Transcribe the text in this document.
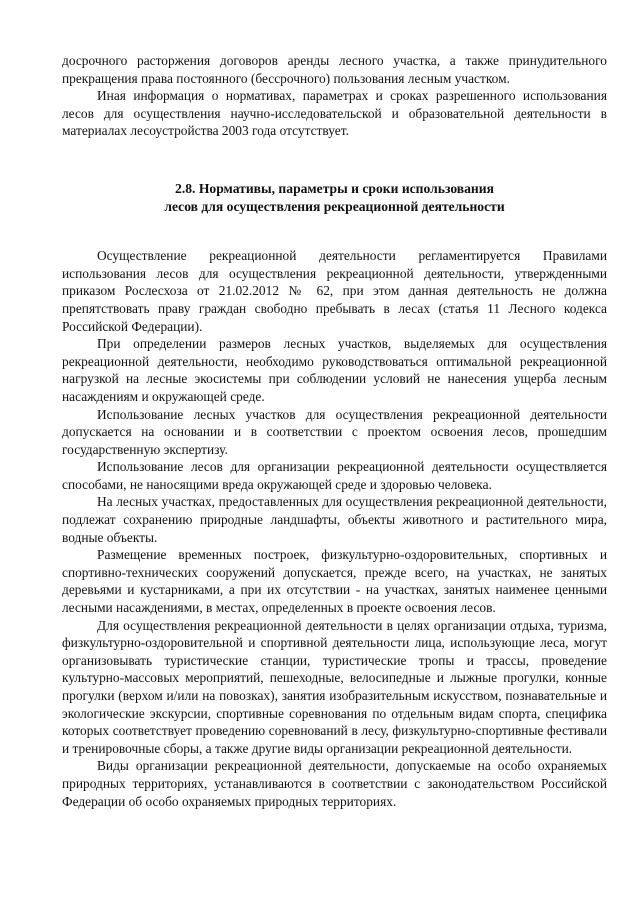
досрочного расторжения договоров аренды лесного участка, а также принудительного прекращения права постоянного (бессрочного) пользования лесным участком.

Иная информация о нормативах, параметрах и сроках разрешенного использования лесов для осуществления научно-исследовательской и образовательной деятельности в материалах лесоустройства 2003 года отсутствует.

2.8. Нормативы, параметры и сроки использования
лесов для осуществления рекреационной деятельности

Осуществление рекреационной деятельности регламентируется Правилами использования лесов для осуществления рекреационной деятельности, утвержденными приказом Рослесхоза от 21.02.2012 № 62, при этом данная деятельность не должна препятствовать праву граждан свободно пребывать в лесах (статья 11 Лесного кодекса Российской Федерации).

При определении размеров лесных участков, выделяемых для осуществления рекреационной деятельности, необходимо руководствоваться оптимальной рекреационной нагрузкой на лесные экосистемы при соблюдении условий не нанесения ущерба лесным насаждениям и окружающей среде.

Использование лесных участков для осуществления рекреационной деятельности допускается на основании и в соответствии с проектом освоения лесов, прошедшим государственную экспертизу.

Использование лесов для организации рекреационной деятельности осуществляется способами, не наносящими вреда окружающей среде и здоровью человека.

На лесных участках, предоставленных для осуществления рекреационной деятельности, подлежат сохранению природные ландшафты, объекты животного и растительного мира, водные объекты.

Размещение временных построек, физкультурно-оздоровительных, спортивных и спортивно-технических сооружений допускается, прежде всего, на участках, не занятых деревьями и кустарниками, а при их отсутствии - на участках, занятых наименее ценными лесными насаждениями, в местах, определенных в проекте освоения лесов.

Для осуществления рекреационной деятельности в целях организации отдыха, туризма, физкультурно-оздоровительной и спортивной деятельности лица, использующие леса, могут организовывать туристические станции, туристические тропы и трассы, проведение культурно-массовых мероприятий, пешеходные, велосипедные и лыжные прогулки, конные прогулки (верхом и/или на повозках), занятия изобразительным искусством, познавательные и экологические экскурсии, спортивные соревнования по отдельным видам спорта, специфика которых соответствует проведению соревнований в лесу, физкультурно-спортивные фестивали и тренировочные сборы, а также другие виды организации рекреационной деятельности.

Виды организации рекреационной деятельности, допускаемые на особо охраняемых природных территориях, устанавливаются в соответствии с законодательством Российской Федерации об особо охраняемых природных территориях.
